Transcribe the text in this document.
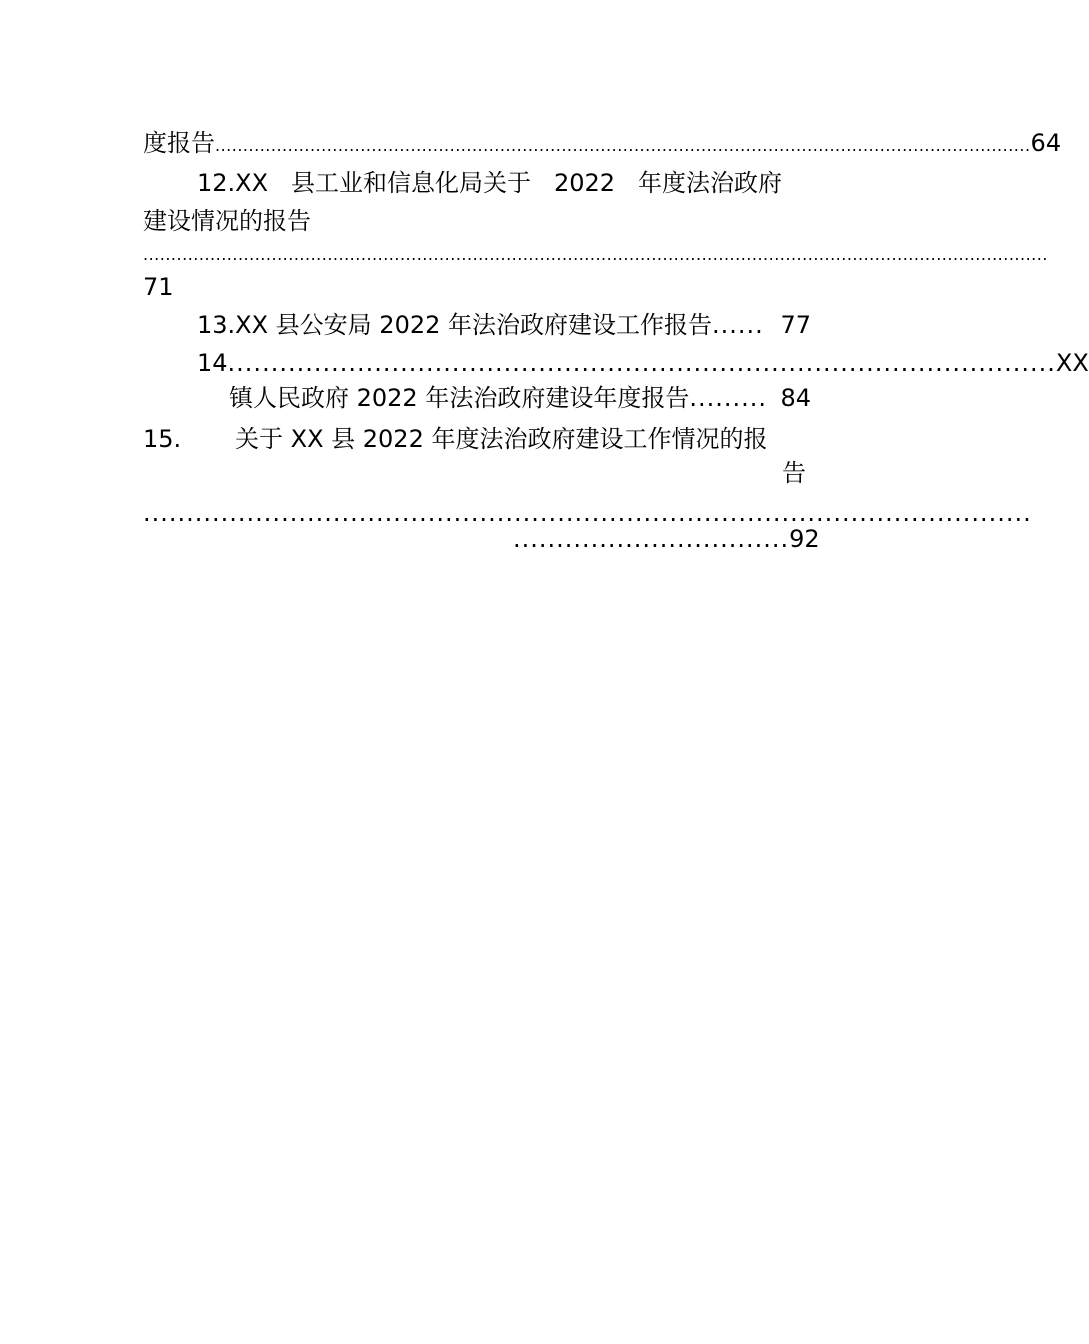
度报告 .................................................................................................................................................. 64
12.XX 县工业和信息化局关于 2022 年度法治政府
建设情况的报告
..................................................................................................................................................................
71
13.XX 县公安局 2022 年法治政府建设工作报告 ...... 77
14 ................................................................................................ XX
镇人民政府 2022 年法治政府建设年度报告 ......... 84
15. 关于 XX 县 2022 年度法治政府建设工作情况的报
告
.......................................................................................................
................................ 92
